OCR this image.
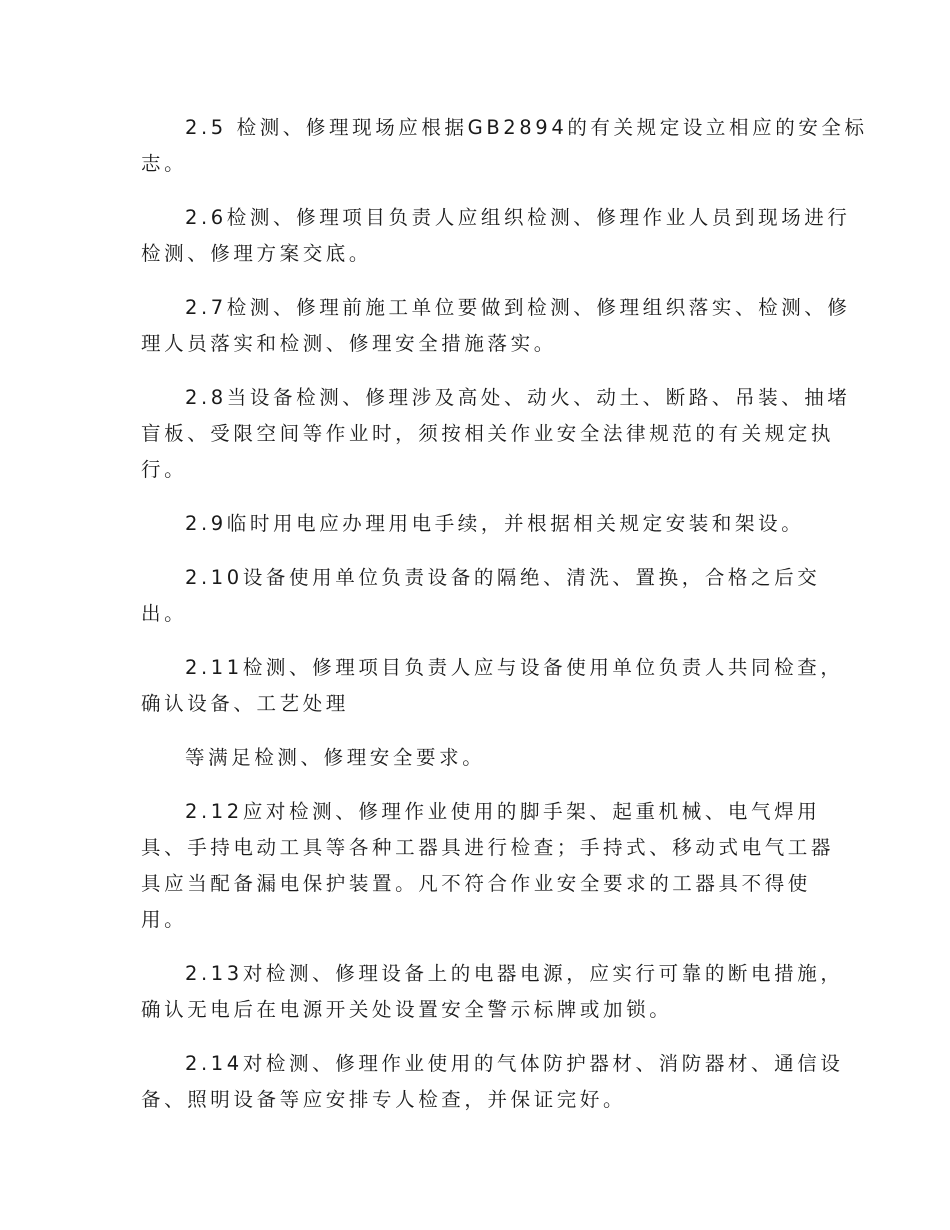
2.5 检测、修理现场应根据GB2894的有关规定设立相应的安全标
志。
2.6检测、修理项目负责人应组织检测、修理作业人员到现场进行
检测、修理方案交底。
2.7检测、修理前施工单位要做到检测、修理组织落实、检测、修
理人员落实和检测、修理安全措施落实。
2.8当设备检测、修理涉及高处、动火、动土、断路、吊装、抽堵
盲板、受限空间等作业时，须按相关作业安全法律规范的有关规定执
行。
2.9临时用电应办理用电手续，并根据相关规定安装和架设。
2.10设备使用单位负责设备的隔绝、清洗、置换，合格之后交
出。
2.11检测、修理项目负责人应与设备使用单位负责人共同检查，
确认设备、工艺处理
等满足检测、修理安全要求。
2.12应对检测、修理作业使用的脚手架、起重机械、电气焊用
具、手持电动工具等各种工器具进行检查；手持式、移动式电气工器
具应当配备漏电保护装置。凡不符合作业安全要求的工器具不得使
用。
2.13对检测、修理设备上的电器电源，应实行可靠的断电措施，
确认无电后在电源开关处设置安全警示标牌或加锁。
2.14对检测、修理作业使用的气体防护器材、消防器材、通信设
备、照明设备等应安排专人检查，并保证完好。
